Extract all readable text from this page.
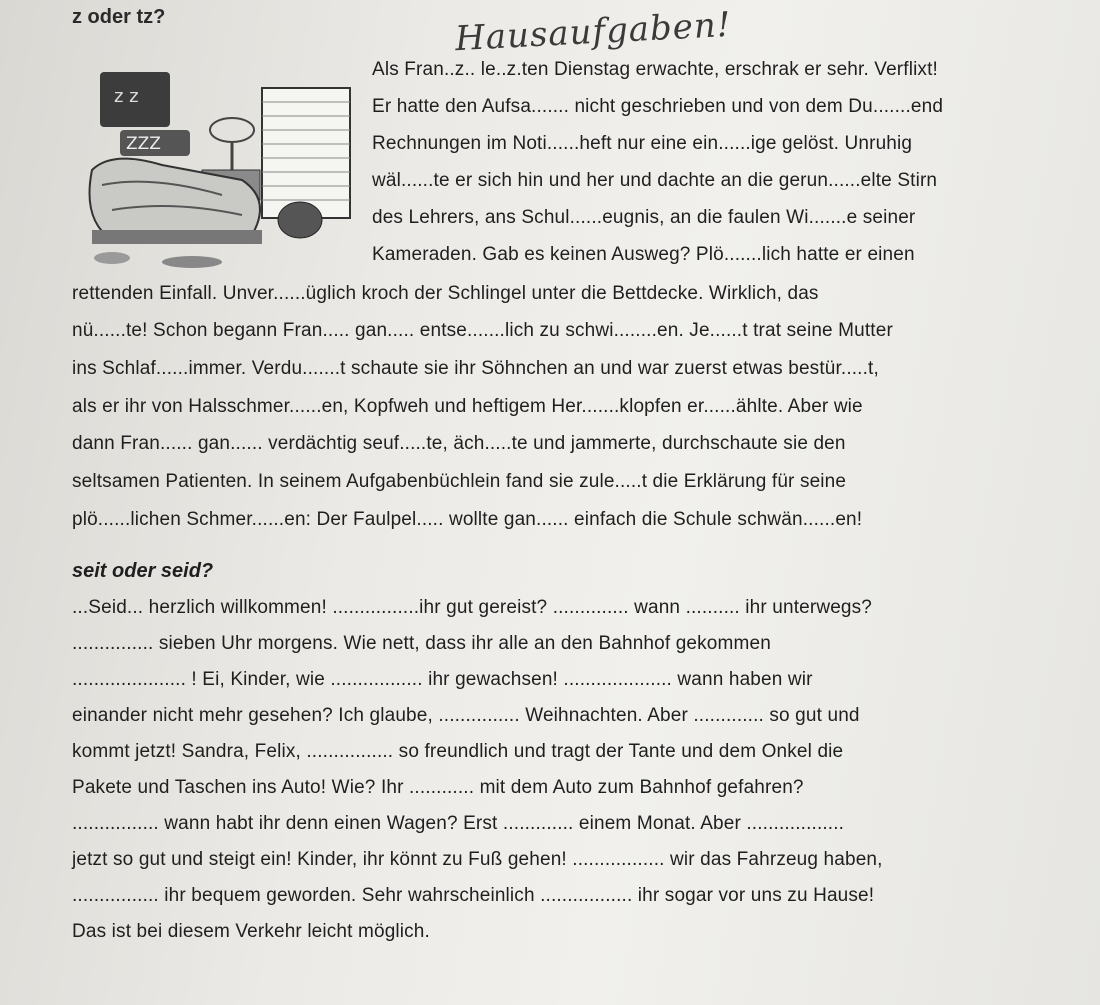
z oder tz?	Hausaufgaben!
z z
ZZZ
Als Fran..z.. le..z.ten Dienstag erwachte, erschrak er sehr. Verflixt!
Er hatte den Aufsa....... nicht geschrieben und von dem Du.......end
Rechnungen im Noti......heft nur eine ein......ige gelöst. Unruhig
wäl......te er sich hin und her und dachte an die gerun......elte Stirn
des Lehrers, ans Schul......eugnis, an die faulen Wi.......e seiner
Kameraden. Gab es keinen Ausweg? Plö.......lich hatte er einen
rettenden Einfall. Unver......üglich kroch der Schlingel unter die Bettdecke. Wirklich, das
nü......te! Schon begann Fran..... gan..... entse.......lich zu schwi........en. Je......t trat seine Mutter
ins Schlaf......immer. Verdu.......t schaute sie ihr Söhnchen an und war zuerst etwas bestür.....t,
als er ihr von Halsschmer......en, Kopfweh und heftigem Her.......klopfen er......ählte. Aber wie
dann Fran...... gan...... verdächtig seuf.....te, äch.....te und jammerte, durchschaute sie den
seltsamen Patienten. In seinem Aufgabenbüchlein fand sie zule.....t die Erklärung für seine
plö......lichen Schmer......en: Der Faulpel..... wollte gan...... einfach die Schule schwän......en!
seit oder seid?
...Seid... herzlich willkommen! ................ihr gut gereist? .............. wann .......... ihr unterwegs?
............... sieben Uhr morgens. Wie nett, dass ihr alle an den Bahnhof gekommen
..................... ! Ei, Kinder, wie ................. ihr gewachsen! .................... wann haben wir
einander nicht mehr gesehen? Ich glaube, ............... Weihnachten. Aber ............. so gut und
kommt jetzt! Sandra, Felix, ................ so freundlich und tragt der Tante und dem Onkel die
Pakete und Taschen ins Auto! Wie? Ihr ............ mit dem Auto zum Bahnhof gefahren?
................ wann habt ihr denn einen Wagen? Erst ............. einem Monat. Aber ..................
jetzt so gut und steigt ein! Kinder, ihr könnt zu Fuß gehen! ................. wir das Fahrzeug haben,
................ ihr bequem geworden. Sehr wahrscheinlich ................. ihr sogar vor uns zu Hause!
Das ist bei diesem Verkehr leicht möglich.
